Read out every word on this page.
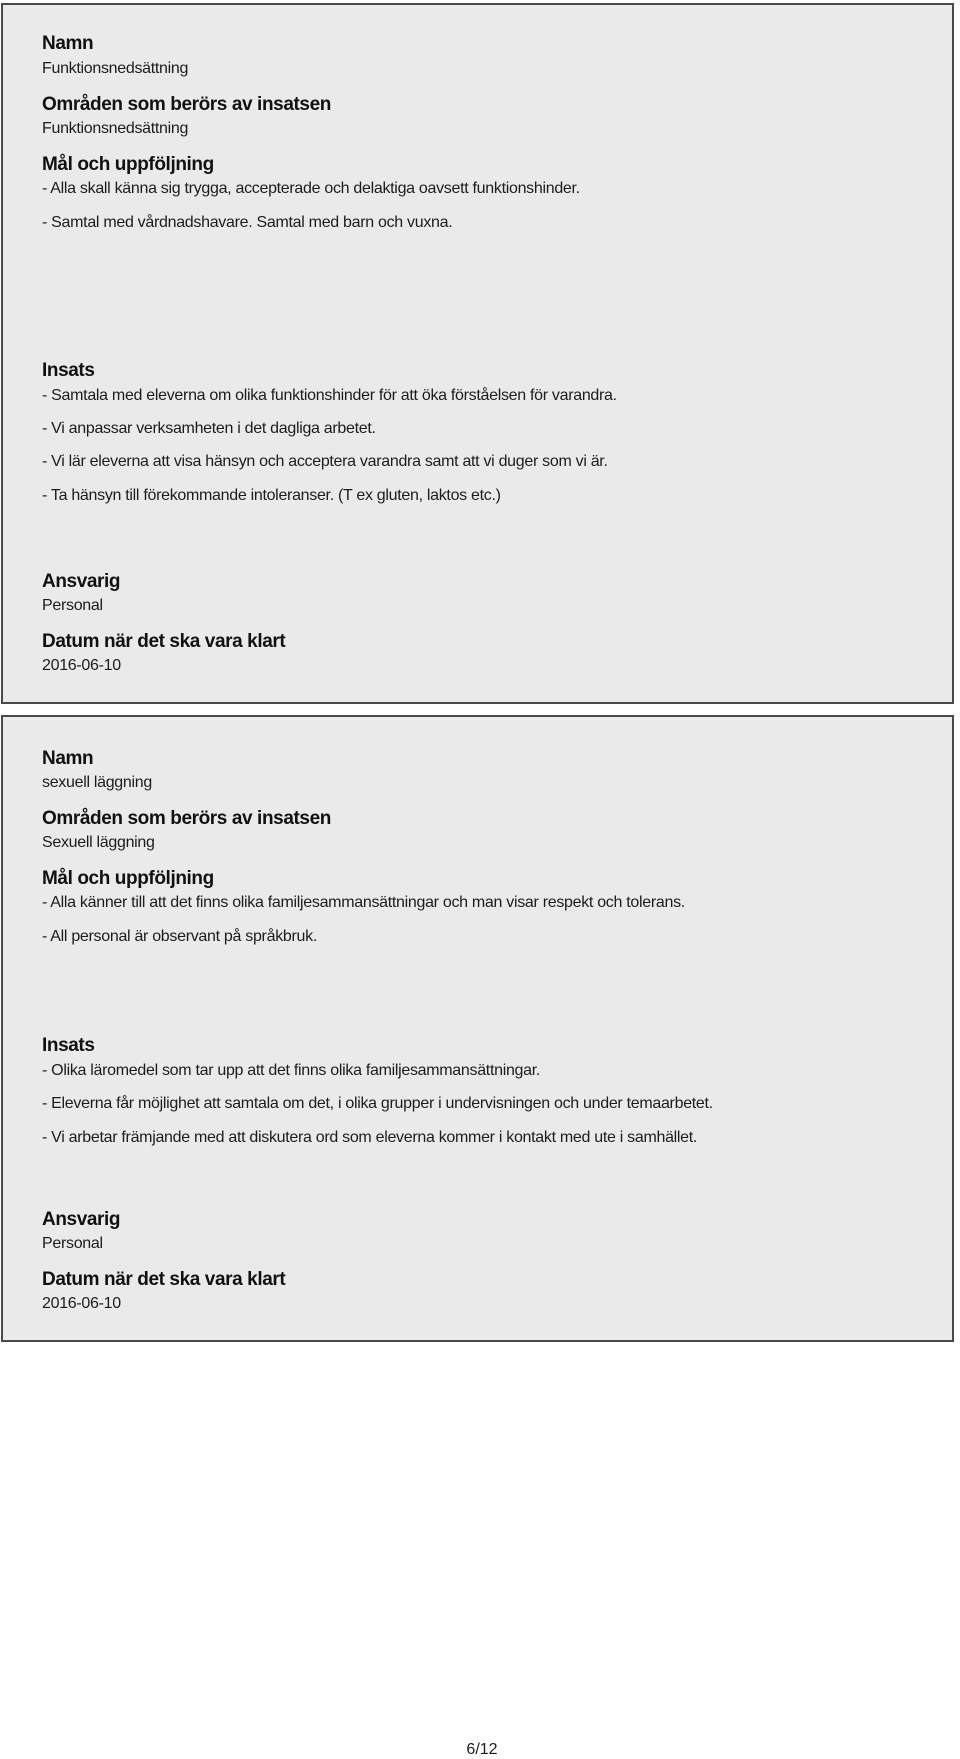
Namn
Funktionsnedsättning
Områden som berörs av insatsen
Funktionsnedsättning
Mål och uppföljning
- Alla skall känna sig trygga, accepterade och delaktiga oavsett funktionshinder.
- Samtal med vårdnadshavare. Samtal med barn och vuxna.
Insats
- Samtala med eleverna om olika funktionshinder för att öka förståelsen för varandra.
- Vi anpassar verksamheten i det dagliga arbetet.
- Vi lär eleverna att visa hänsyn och acceptera varandra samt att vi duger som vi är.
- Ta hänsyn till förekommande intoleranser. (T ex gluten, laktos etc.)
Ansvarig
Personal
Datum när det ska vara klart
2016-06-10
Namn
sexuell läggning
Områden som berörs av insatsen
Sexuell läggning
Mål och uppföljning
- Alla känner till att det finns olika familjesammansättningar och man visar respekt och tolerans.
- All personal är observant på språkbruk.
Insats
- Olika läromedel som tar upp att det finns olika familjesammansättningar.
- Eleverna får möjlighet att samtala om det, i olika grupper i undervisningen och under temaarbetet.
- Vi arbetar främjande med att diskutera ord som eleverna kommer i kontakt med ute i samhället.
Ansvarig
Personal
Datum när det ska vara klart
2016-06-10
6/12
